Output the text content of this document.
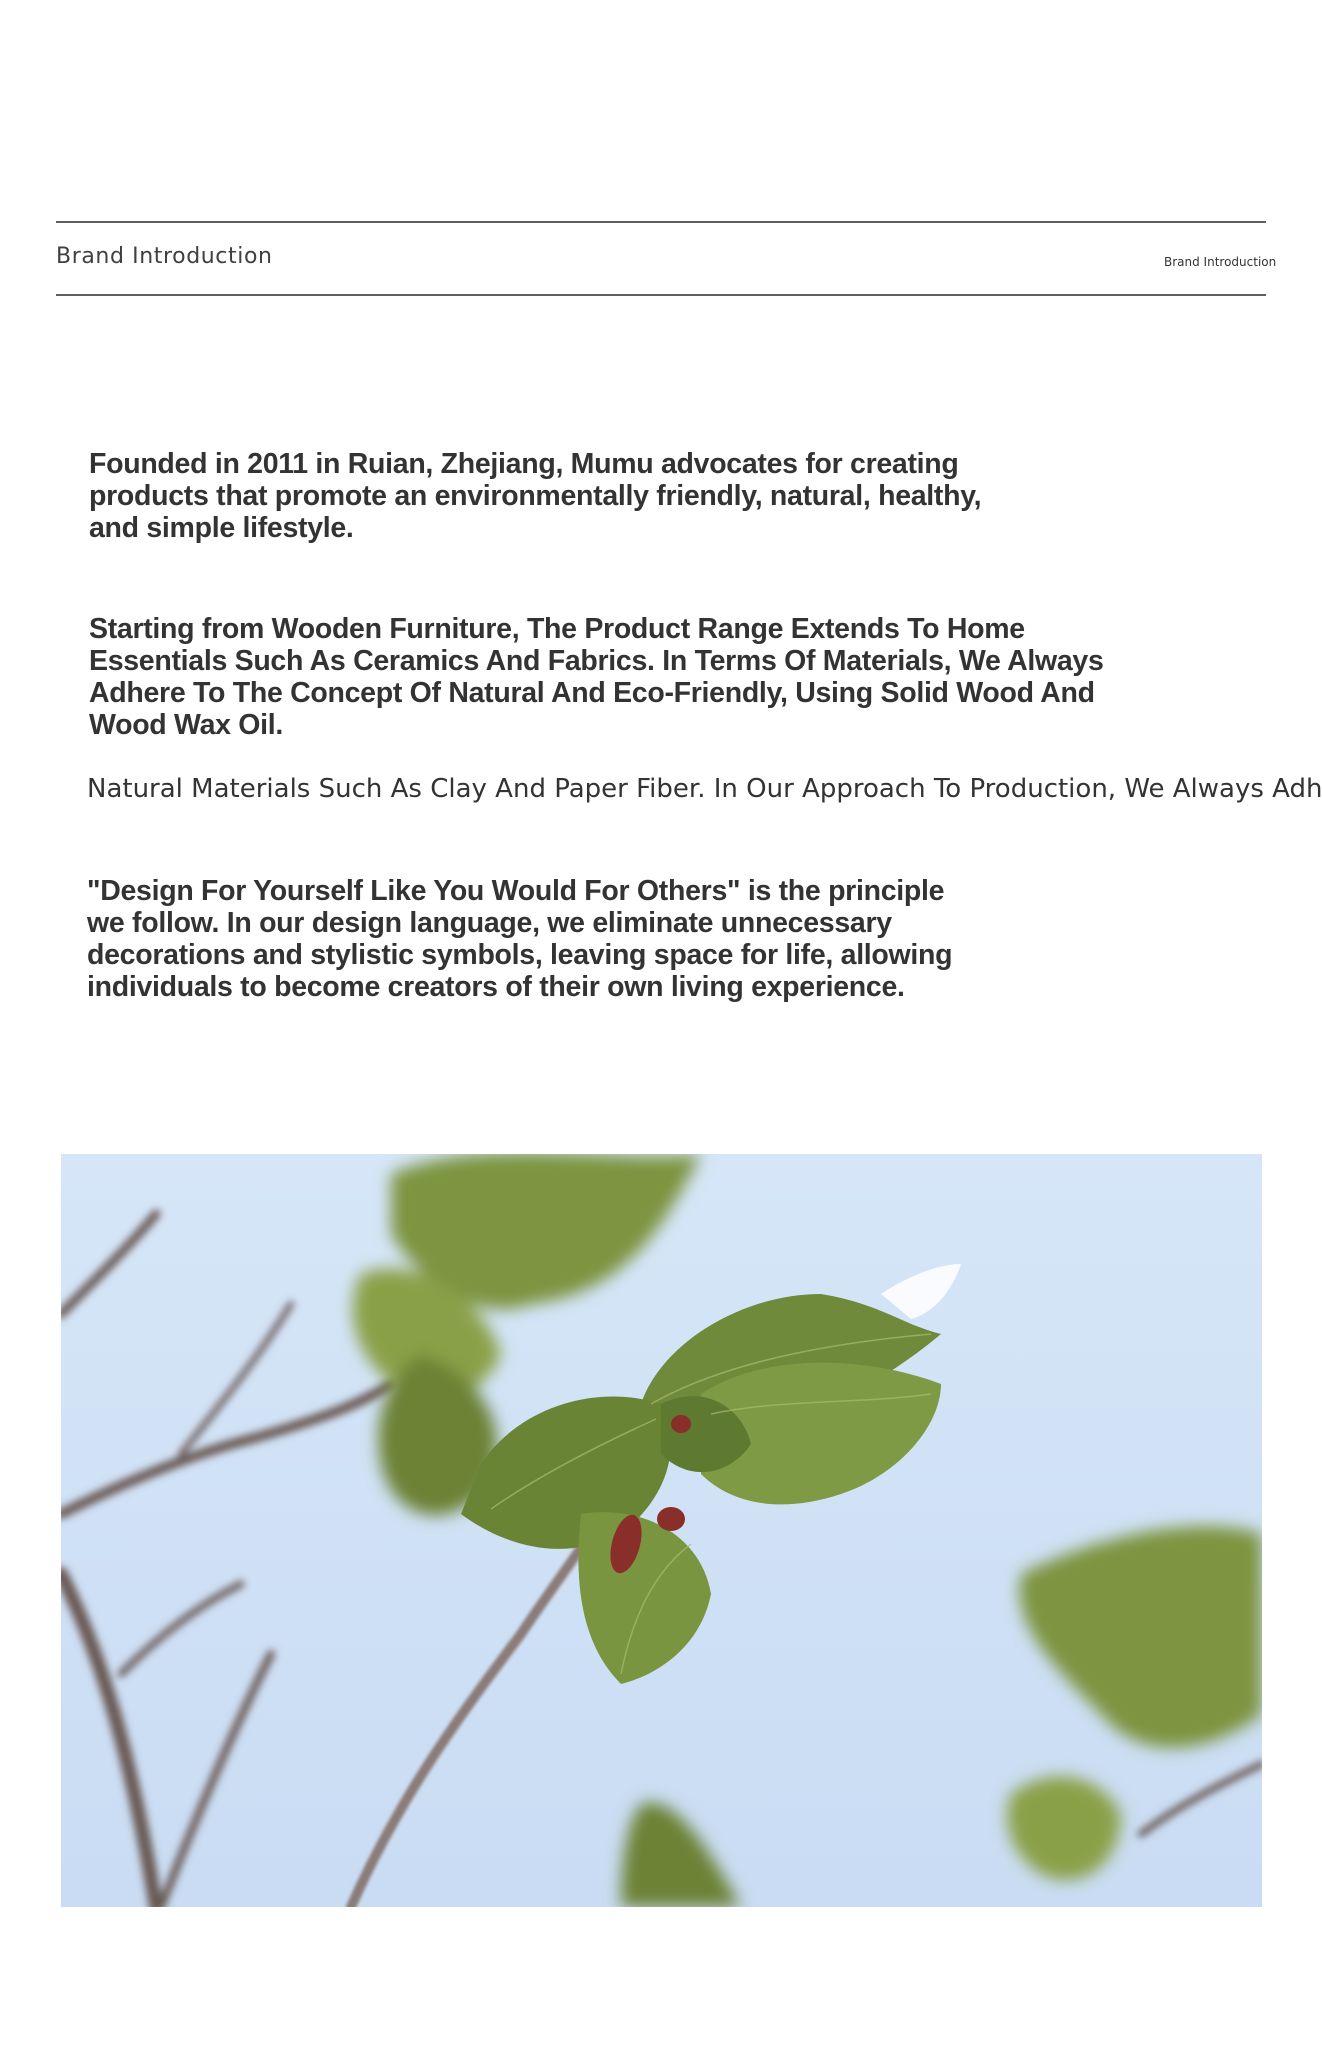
Brand Introduction	Brand Introduction

Founded in 2011 in Ruian, Zhejiang, Mumu advocates for creating products that promote an environmentally friendly, natural, healthy, and simple lifestyle.

Starting from Wooden Furniture, The Product Range Extends To Home Essentials Such As Ceramics And Fabrics. In Terms Of Materials, We Always Adhere To The Concept Of Natural And Eco-Friendly, Using Solid Wood And Wood Wax Oil.

Natural Materials Such As Clay And Paper Fiber. In Our Approach To Production, We Always Adh

"Design For Yourself Like You Would For Others" is the principle we follow. In our design language, we eliminate unnecessary decorations and stylistic symbols, leaving space for life, allowing individuals to become creators of their own living experience.
